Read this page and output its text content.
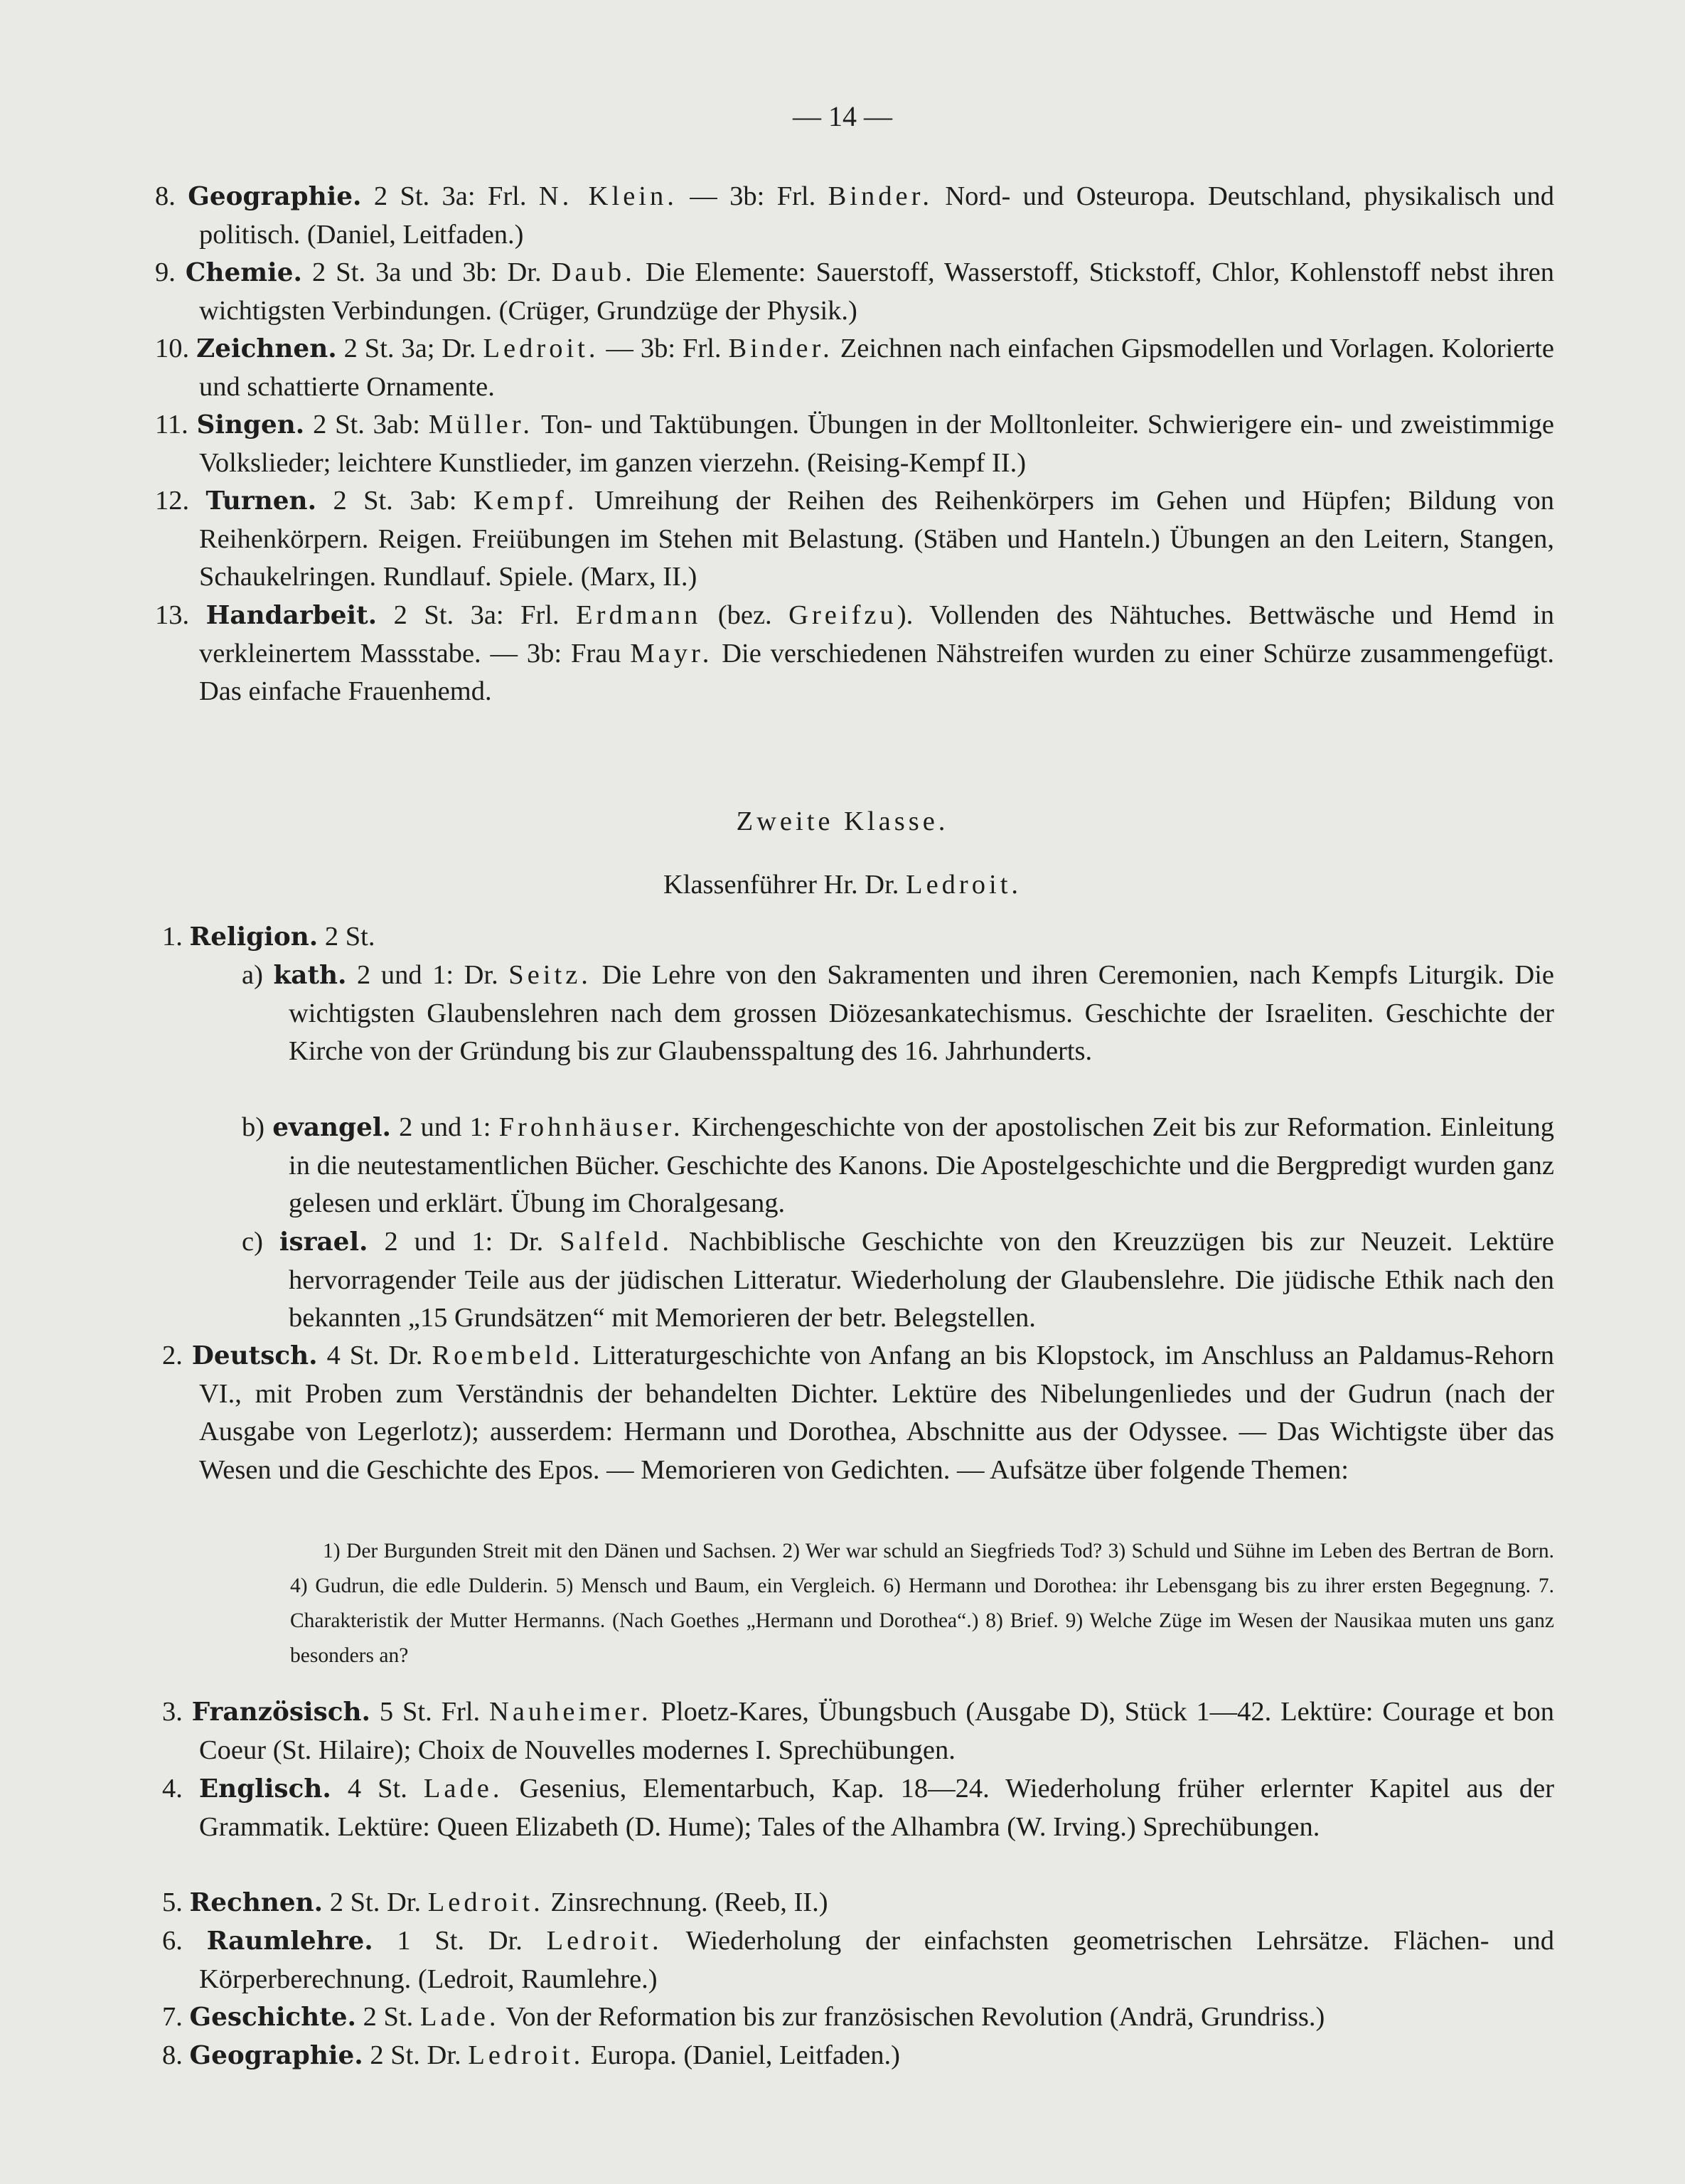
— 14 —
8. Geographie. 2 St. 3a: Frl. N. Klein. — 3b: Frl. Binder. Nord- und Osteuropa. Deutschland, physikalisch und politisch. (Daniel, Leitfaden.)
9. Chemie. 2 St. 3a und 3b: Dr. Daub. Die Elemente: Sauerstoff, Wasserstoff, Stickstoff, Chlor, Kohlenstoff nebst ihren wichtigsten Verbindungen. (Crüger, Grundzüge der Physik.)
10. Zeichnen. 2 St. 3a; Dr. Ledroit. — 3b: Frl. Binder. Zeichnen nach einfachen Gipsmodellen und Vorlagen. Kolorierte und schattierte Ornamente.
11. Singen. 2 St. 3ab: Müller. Ton- und Taktübungen. Übungen in der Molltonleiter. Schwierigere ein- und zweistimmige Volkslieder; leichtere Kunstlieder, im ganzen vierzehn. (Reising-Kempf II.)
12. Turnen. 2 St. 3ab: Kempf. Umreihung der Reihen des Reihenkörpers im Gehen und Hüpfen; Bildung von Reihenkörpern. Reigen. Freiübungen im Stehen mit Belastung. (Stäben und Hanteln.) Übungen an den Leitern, Stangen, Schaukelringen. Rundlauf. Spiele. (Marx, II.)
13. Handarbeit. 2 St. 3a: Frl. Erdmann (bez. Greifzu). Vollenden des Nähtuches. Bettwäsche und Hemd in verkleinertem Massstabe. — 3b: Frau Mayr. Die verschiedenen Nähstreifen wurden zu einer Schürze zusammengefügt. Das einfache Frauenhemd.
Zweite Klasse.
Klassenführer Hr. Dr. Ledroit.
1. Religion. 2 St.
a) kath. 2 und 1: Dr. Seitz. Die Lehre von den Sakramenten und ihren Ceremonien, nach Kempfs Liturgik. Die wichtigsten Glaubenslehren nach dem grossen Diözesankatechismus. Geschichte der Israeliten. Geschichte der Kirche von der Gründung bis zur Glaubensspaltung des 16. Jahrhunderts.
b) evangel. 2 und 1: Frohnhäuser. Kirchengeschichte von der apostolischen Zeit bis zur Reformation. Einleitung in die neutestamentlichen Bücher. Geschichte des Kanons. Die Apostelgeschichte und die Bergpredigt wurden ganz gelesen und erklärt. Übung im Choralgesang.
c) israel. 2 und 1: Dr. Salfeld. Nachbiblische Geschichte von den Kreuzzügen bis zur Neuzeit. Lektüre hervorragender Teile aus der jüdischen Litteratur. Wiederholung der Glaubenslehre. Die jüdische Ethik nach den bekannten „15 Grundsätzen“ mit Memorieren der betr. Belegstellen.
2. Deutsch. 4 St. Dr. Roembeld. Litteraturgeschichte von Anfang an bis Klopstock, im Anschluss an Paldamus-Rehorn VI., mit Proben zum Verständnis der behandelten Dichter. Lektüre des Nibelungenliedes und der Gudrun (nach der Ausgabe von Legerlotz); ausserdem: Hermann und Dorothea, Abschnitte aus der Odyssee. — Das Wichtigste über das Wesen und die Geschichte des Epos. — Memorieren von Gedichten. — Aufsätze über folgende Themen:
1) Der Burgunden Streit mit den Dänen und Sachsen. 2) Wer war schuld an Siegfrieds Tod? 3) Schuld und Sühne im Leben des Bertran de Born. 4) Gudrun, die edle Dulderin. 5) Mensch und Baum, ein Vergleich. 6) Hermann und Dorothea: ihr Lebensgang bis zu ihrer ersten Begegnung. 7. Charakteristik der Mutter Hermanns. (Nach Goethes „Hermann und Dorothea“.) 8) Brief. 9) Welche Züge im Wesen der Nausikaa muten uns ganz besonders an?
3. Französisch. 5 St. Frl. Nauheimer. Ploetz-Kares, Übungsbuch (Ausgabe D), Stück 1—42. Lektüre: Courage et bon Coeur (St. Hilaire); Choix de Nouvelles modernes I. Sprechübungen.
4. Englisch. 4 St. Lade. Gesenius, Elementarbuch, Kap. 18—24. Wiederholung früher erlernter Kapitel aus der Grammatik. Lektüre: Queen Elizabeth (D. Hume); Tales of the Alhambra (W. Irving.) Sprechübungen.
5. Rechnen. 2 St. Dr. Ledroit. Zinsrechnung. (Reeb, II.)
6. Raumlehre. 1 St. Dr. Ledroit. Wiederholung der einfachsten geometrischen Lehrsätze. Flächen- und Körperberechnung. (Ledroit, Raumlehre.)
7. Geschichte. 2 St. Lade. Von der Reformation bis zur französischen Revolution (Andrä, Grundriss.)
8. Geographie. 2 St. Dr. Ledroit. Europa. (Daniel, Leitfaden.)
